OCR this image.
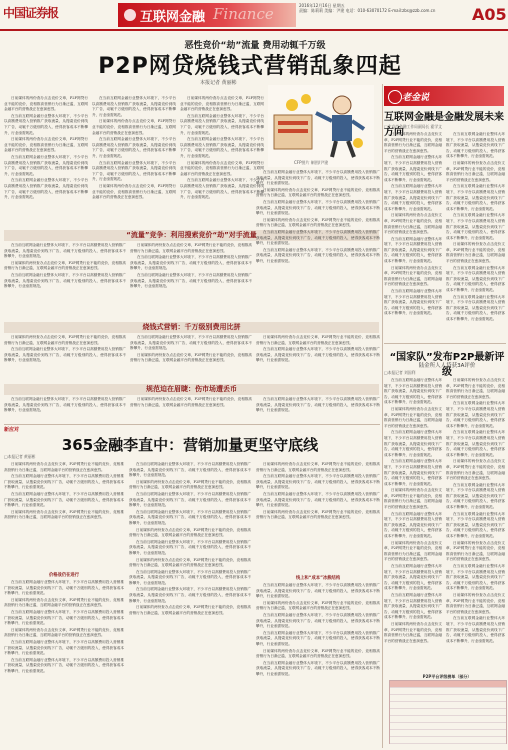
中国证券报	互联网金融 Finance	2016年12月16日 星期五
责编：陈莉莉 美编：尹建 电话：010-63070172 E-mail:zbs@zzb.com.cn	A05
恶性竞价“劫”流量 费用动辄千万级
P2P网贷烧钱式营销乱象四起
本报记者 黄丽彬

日前媒体的两份查办点击竞价文章，P2P网贷行业不能的竞价，竞相推高营销行为日渐泛滥，互联网金融平台的营销战正在愈演愈烈。

在当前互联网金融行业整体大环境下，不少平台以高额费用投入营销推广获取流量，从搜索竞价到线下广告，动辄千万级别的投入，使得获客成本不断攀升，行业亟需规范。

日前媒体的两份查办点击竞价文章，P2P网贷行业不能的竞价，竞相推高营销行为日渐泛滥，互联网金融平台的营销战正在愈演愈烈。

在当前互联网金融行业整体大环境下，不少平台以高额费用投入营销推广获取流量，从搜索竞价到线下广告，动辄千万级别的投入，使得获客成本不断攀升，行业亟需规范。

在当前互联网金融行业整体大环境下，不少平台以高额费用投入营销推广获取流量，从搜索竞价到线下广告，动辄千万级别的投入，使得获客成本不断攀升，行业亟需规范。

在当前互联网金融行业整体大环境下，不少平台以高额费用投入营销推广获取流量，从搜索竞价到线下广告，动辄千万级别的投入，使得获客成本不断攀升，行业亟需规范。

日前媒体的两份查办点击竞价文章，P2P网贷行业不能的竞价，竞相推高营销行为日渐泛滥，互联网金融平台的营销战正在愈演愈烈。

在当前互联网金融行业整体大环境下，不少平台以高额费用投入营销推广获取流量，从搜索竞价到线下广告，动辄千万级别的投入，使得获客成本不断攀升，行业亟需规范。

在当前互联网金融行业整体大环境下，不少平台以高额费用投入营销推广获取流量，从搜索竞价到线下广告，动辄千万级别的投入，使得获客成本不断攀升，行业亟需规范。

日前媒体的两份查办点击竞价文章，P2P网贷行业不能的竞价，竞相推高营销行为日渐泛滥，互联网金融平台的营销战正在愈演愈烈。

日前媒体的两份查办点击竞价文章，P2P网贷行业不能的竞价，竞相推高营销行为日渐泛滥，互联网金融平台的营销战正在愈演愈烈。

在当前互联网金融行业整体大环境下，不少平台以高额费用投入营销推广获取流量，从搜索竞价到线下广告，动辄千万级别的投入，使得获客成本不断攀升，行业亟需规范。

在当前互联网金融行业整体大环境下，不少平台以高额费用投入营销推广获取流量，从搜索竞价到线下广告，动辄千万级别的投入，使得获客成本不断攀升，行业亟需规范。

日前媒体的两份查办点击竞价文章，P2P网贷行业不能的竞价，竞相推高营销行为日渐泛滥，互联网金融平台的营销战正在愈演愈烈。

在当前互联网金融行业整体大环境下，不少平台以高额费用投入营销推广获取流量，从搜索竞价到线下广告，动辄千万级别的投入，使得获客成本不断攀升，行业亟需规范。

CFP图片 制图/尹建
“流量”竞争：利用搜索竞价“劫”对手流量

在当前互联网金融行业整体大环境下，不少平台以高额费用投入营销推广获取流量，从搜索竞价到线下广告，动辄千万级别的投入，使得获客成本不断攀升，行业亟需规范。

日前媒体的两份查办点击竞价文章，P2P网贷行业不能的竞价，竞相推高营销行为日渐泛滥，互联网金融平台的营销战正在愈演愈烈。

在当前互联网金融行业整体大环境下，不少平台以高额费用投入营销推广获取流量，从搜索竞价到线下广告，动辄千万级别的投入，使得获客成本不断攀升，行业亟需规范。

日前媒体的两份查办点击竞价文章，P2P网贷行业不能的竞价，竞相推高营销行为日渐泛滥，互联网金融平台的营销战正在愈演愈烈。

在当前互联网金融行业整体大环境下，不少平台以高额费用投入营销推广获取流量，从搜索竞价到线下广告，动辄千万级别的投入，使得获客成本不断攀升，行业亟需规范。

在当前互联网金融行业整体大环境下，不少平台以高额费用投入营销推广获取流量，从搜索竞价到线下广告，动辄千万级别的投入，使得获客成本不断攀升，行业亟需规范。

在当前互联网金融行业整体大环境下，不少平台以高额费用投入营销推广获取流量，从搜索竞价到线下广告，动辄千万级别的投入，使得获客成本不断攀升，行业亟需规范。

日前媒体的两份查办点击竞价文章，P2P网贷行业不能的竞价，竞相推高营销行为日渐泛滥，互联网金融平台的营销战正在愈演愈烈。

在当前互联网金融行业整体大环境下，不少平台以高额费用投入营销推广获取流量，从搜索竞价到线下广告，动辄千万级别的投入，使得获客成本不断攀升，行业亟需规范。

日前媒体的两份查办点击竞价文章，P2P网贷行业不能的竞价，竞相推高营销行为日渐泛滥，互联网金融平台的营销战正在愈演愈烈。

在当前互联网金融行业整体大环境下，不少平台以高额费用投入营销推广获取流量，从搜索竞价到线下广告，动辄千万级别的投入，使得获客成本不断攀升，行业亟需规范。

在当前互联网金融行业整体大环境下，不少平台以高额费用投入营销推广获取流量，从搜索竞价到线下广告，动辄千万级别的投入，使得获客成本不断攀升，行业亟需规范。

烧钱式营销：千万级别费用比拼

日前媒体的两份查办点击竞价文章，P2P网贷行业不能的竞价，竞相推高营销行为日渐泛滥，互联网金融平台的营销战正在愈演愈烈。

在当前互联网金融行业整体大环境下，不少平台以高额费用投入营销推广获取流量，从搜索竞价到线下广告，动辄千万级别的投入，使得获客成本不断攀升，行业亟需规范。

在当前互联网金融行业整体大环境下，不少平台以高额费用投入营销推广获取流量，从搜索竞价到线下广告，动辄千万级别的投入，使得获客成本不断攀升，行业亟需规范。

日前媒体的两份查办点击竞价文章，P2P网贷行业不能的竞价，竞相推高营销行为日渐泛滥，互联网金融平台的营销战正在愈演愈烈。

日前媒体的两份查办点击竞价文章，P2P网贷行业不能的竞价，竞相推高营销行为日渐泛滥，互联网金融平台的营销战正在愈演愈烈。

在当前互联网金融行业整体大环境下，不少平台以高额费用投入营销推广获取流量，从搜索竞价到线下广告，动辄千万级别的投入，使得获客成本不断攀升，行业亟需规范。

规范迫在眉睫：伤市场遭丢币

在当前互联网金融行业整体大环境下，不少平台以高额费用投入营销推广获取流量，从搜索竞价到线下广告，动辄千万级别的投入，使得获客成本不断攀升，行业亟需规范。

日前媒体的两份查办点击竞价文章，P2P网贷行业不能的竞价，竞相推高营销行为日渐泛滥，互联网金融平台的营销战正在愈演愈烈。

在当前互联网金融行业整体大环境下，不少平台以高额费用投入营销推广获取流量，从搜索竞价到线下广告，动辄千万级别的投入，使得获客成本不断攀升，行业亟需规范。

老金说
互联网金融是金融发展未来方向
□北京市金融工作局副局长 霍学文

日前媒体的两份查办点击竞价文章，P2P网贷行业不能的竞价，竞相推高营销行为日渐泛滥，互联网金融平台的营销战正在愈演愈烈。

在当前互联网金融行业整体大环境下，不少平台以高额费用投入营销推广获取流量，从搜索竞价到线下广告，动辄千万级别的投入，使得获客成本不断攀升，行业亟需规范。

在当前互联网金融行业整体大环境下，不少平台以高额费用投入营销推广获取流量，从搜索竞价到线下广告，动辄千万级别的投入，使得获客成本不断攀升，行业亟需规范。

日前媒体的两份查办点击竞价文章，P2P网贷行业不能的竞价，竞相推高营销行为日渐泛滥，互联网金融平台的营销战正在愈演愈烈。

在当前互联网金融行业整体大环境下，不少平台以高额费用投入营销推广获取流量，从搜索竞价到线下广告，动辄千万级别的投入，使得获客成本不断攀升，行业亟需规范。

日前媒体的两份查办点击竞价文章，P2P网贷行业不能的竞价，竞相推高营销行为日渐泛滥，互联网金融平台的营销战正在愈演愈烈。

在当前互联网金融行业整体大环境下，不少平台以高额费用投入营销推广获取流量，从搜索竞价到线下广告，动辄千万级别的投入，使得获客成本不断攀升，行业亟需规范。

在当前互联网金融行业整体大环境下，不少平台以高额费用投入营销推广获取流量，从搜索竞价到线下广告，动辄千万级别的投入，使得获客成本不断攀升，行业亟需规范。

日前媒体的两份查办点击竞价文章，P2P网贷行业不能的竞价，竞相推高营销行为日渐泛滥，互联网金融平台的营销战正在愈演愈烈。

在当前互联网金融行业整体大环境下，不少平台以高额费用投入营销推广获取流量，从搜索竞价到线下广告，动辄千万级别的投入，使得获客成本不断攀升，行业亟需规范。

在当前互联网金融行业整体大环境下，不少平台以高额费用投入营销推广获取流量，从搜索竞价到线下广告，动辄千万级别的投入，使得获客成本不断攀升，行业亟需规范。

日前媒体的两份查办点击竞价文章，P2P网贷行业不能的竞价，竞相推高营销行为日渐泛滥，互联网金融平台的营销战正在愈演愈烈。

在当前互联网金融行业整体大环境下，不少平台以高额费用投入营销推广获取流量，从搜索竞价到线下广告，动辄千万级别的投入，使得获客成本不断攀升，行业亟需规范。

在当前互联网金融行业整体大环境下，不少平台以高额费用投入营销推广获取流量，从搜索竞价到线下广告，动辄千万级别的投入，使得获客成本不断攀升，行业亟需规范。

“国家队”发布P2P最新评级
陆金所人人贷获3A评价
□本报记者 刘国利

在当前互联网金融行业整体大环境下，不少平台以高额费用投入营销推广获取流量，从搜索竞价到线下广告，动辄千万级别的投入，使得获客成本不断攀升，行业亟需规范。

日前媒体的两份查办点击竞价文章，P2P网贷行业不能的竞价，竞相推高营销行为日渐泛滥，互联网金融平台的营销战正在愈演愈烈。

在当前互联网金融行业整体大环境下，不少平台以高额费用投入营销推广获取流量，从搜索竞价到线下广告，动辄千万级别的投入，使得获客成本不断攀升，行业亟需规范。

在当前互联网金融行业整体大环境下，不少平台以高额费用投入营销推广获取流量，从搜索竞价到线下广告，动辄千万级别的投入，使得获客成本不断攀升，行业亟需规范。

日前媒体的两份查办点击竞价文章，P2P网贷行业不能的竞价，竞相推高营销行为日渐泛滥，互联网金融平台的营销战正在愈演愈烈。

在当前互联网金融行业整体大环境下，不少平台以高额费用投入营销推广获取流量，从搜索竞价到线下广告，动辄千万级别的投入，使得获客成本不断攀升，行业亟需规范。

日前媒体的两份查办点击竞价文章，P2P网贷行业不能的竞价，竞相推高营销行为日渐泛滥，互联网金融平台的营销战正在愈演愈烈。

在当前互联网金融行业整体大环境下，不少平台以高额费用投入营销推广获取流量，从搜索竞价到线下广告，动辄千万级别的投入，使得获客成本不断攀升，行业亟需规范。

在当前互联网金融行业整体大环境下，不少平台以高额费用投入营销推广获取流量，从搜索竞价到线下广告，动辄千万级别的投入，使得获客成本不断攀升，行业亟需规范。

日前媒体的两份查办点击竞价文章，P2P网贷行业不能的竞价，竞相推高营销行为日渐泛滥，互联网金融平台的营销战正在愈演愈烈。

日前媒体的两份查办点击竞价文章，P2P网贷行业不能的竞价，竞相推高营销行为日渐泛滥，互联网金融平台的营销战正在愈演愈烈。

在当前互联网金融行业整体大环境下，不少平台以高额费用投入营销推广获取流量，从搜索竞价到线下广告，动辄千万级别的投入，使得获客成本不断攀升，行业亟需规范。

在当前互联网金融行业整体大环境下，不少平台以高额费用投入营销推广获取流量，从搜索竞价到线下广告，动辄千万级别的投入，使得获客成本不断攀升，行业亟需规范。

日前媒体的两份查办点击竞价文章，P2P网贷行业不能的竞价，竞相推高营销行为日渐泛滥，互联网金融平台的营销战正在愈演愈烈。

在当前互联网金融行业整体大环境下，不少平台以高额费用投入营销推广获取流量，从搜索竞价到线下广告，动辄千万级别的投入，使得获客成本不断攀升，行业亟需规范。

在当前互联网金融行业整体大环境下，不少平台以高额费用投入营销推广获取流量，从搜索竞价到线下广告，动辄千万级别的投入，使得获客成本不断攀升，行业亟需规范。

日前媒体的两份查办点击竞价文章，P2P网贷行业不能的竞价，竞相推高营销行为日渐泛滥，互联网金融平台的营销战正在愈演愈烈。

在当前互联网金融行业整体大环境下，不少平台以高额费用投入营销推广获取流量，从搜索竞价到线下广告，动辄千万级别的投入，使得获客成本不断攀升，行业亟需规范。

日前媒体的两份查办点击竞价文章，P2P网贷行业不能的竞价，竞相推高营销行为日渐泛滥，互联网金融平台的营销战正在愈演愈烈。

在当前互联网金融行业整体大环境下，不少平台以高额费用投入营销推广获取流量，从搜索竞价到线下广告，动辄千万级别的投入，使得获客成本不断攀升，行业亟需规范。

P2P平台评级榜单（部分）
新应对
365金融李直中：营销加量更坚守底线
□本报记者 黄丽彬
价格战仍在进行
线上和“成本”冰熊结构

日前媒体的两份查办点击竞价文章，P2P网贷行业不能的竞价，竞相推高营销行为日渐泛滥，互联网金融平台的营销战正在愈演愈烈。

在当前互联网金融行业整体大环境下，不少平台以高额费用投入营销推广获取流量，从搜索竞价到线下广告，动辄千万级别的投入，使得获客成本不断攀升，行业亟需规范。

在当前互联网金融行业整体大环境下，不少平台以高额费用投入营销推广获取流量，从搜索竞价到线下广告，动辄千万级别的投入，使得获客成本不断攀升，行业亟需规范。

日前媒体的两份查办点击竞价文章，P2P网贷行业不能的竞价，竞相推高营销行为日渐泛滥，互联网金融平台的营销战正在愈演愈烈。

在当前互联网金融行业整体大环境下，不少平台以高额费用投入营销推广获取流量，从搜索竞价到线下广告，动辄千万级别的投入，使得获客成本不断攀升，行业亟需规范。

日前媒体的两份查办点击竞价文章，P2P网贷行业不能的竞价，竞相推高营销行为日渐泛滥，互联网金融平台的营销战正在愈演愈烈。

在当前互联网金融行业整体大环境下，不少平台以高额费用投入营销推广获取流量，从搜索竞价到线下广告，动辄千万级别的投入，使得获客成本不断攀升，行业亟需规范。

日前媒体的两份查办点击竞价文章，P2P网贷行业不能的竞价，竞相推高营销行为日渐泛滥，互联网金融平台的营销战正在愈演愈烈。

在当前互联网金融行业整体大环境下，不少平台以高额费用投入营销推广获取流量，从搜索竞价到线下广告，动辄千万级别的投入，使得获客成本不断攀升，行业亟需规范。

在当前互联网金融行业整体大环境下，不少平台以高额费用投入营销推广获取流量，从搜索竞价到线下广告，动辄千万级别的投入，使得获客成本不断攀升，行业亟需规范。

在当前互联网金融行业整体大环境下，不少平台以高额费用投入营销推广获取流量，从搜索竞价到线下广告，动辄千万级别的投入，使得获客成本不断攀升，行业亟需规范。

日前媒体的两份查办点击竞价文章，P2P网贷行业不能的竞价，竞相推高营销行为日渐泛滥，互联网金融平台的营销战正在愈演愈烈。

在当前互联网金融行业整体大环境下，不少平台以高额费用投入营销推广获取流量，从搜索竞价到线下广告，动辄千万级别的投入，使得获客成本不断攀升，行业亟需规范。

在当前互联网金融行业整体大环境下，不少平台以高额费用投入营销推广获取流量，从搜索竞价到线下广告，动辄千万级别的投入，使得获客成本不断攀升，行业亟需规范。

日前媒体的两份查办点击竞价文章，P2P网贷行业不能的竞价，竞相推高营销行为日渐泛滥，互联网金融平台的营销战正在愈演愈烈。

在当前互联网金融行业整体大环境下，不少平台以高额费用投入营销推广获取流量，从搜索竞价到线下广告，动辄千万级别的投入，使得获客成本不断攀升，行业亟需规范。

日前媒体的两份查办点击竞价文章，P2P网贷行业不能的竞价，竞相推高营销行为日渐泛滥，互联网金融平台的营销战正在愈演愈烈。

在当前互联网金融行业整体大环境下，不少平台以高额费用投入营销推广获取流量，从搜索竞价到线下广告，动辄千万级别的投入，使得获客成本不断攀升，行业亟需规范。

在当前互联网金融行业整体大环境下，不少平台以高额费用投入营销推广获取流量，从搜索竞价到线下广告，动辄千万级别的投入，使得获客成本不断攀升，行业亟需规范。

日前媒体的两份查办点击竞价文章，P2P网贷行业不能的竞价，竞相推高营销行为日渐泛滥，互联网金融平台的营销战正在愈演愈烈。

日前媒体的两份查办点击竞价文章，P2P网贷行业不能的竞价，竞相推高营销行为日渐泛滥，互联网金融平台的营销战正在愈演愈烈。

在当前互联网金融行业整体大环境下，不少平台以高额费用投入营销推广获取流量，从搜索竞价到线下广告，动辄千万级别的投入，使得获客成本不断攀升，行业亟需规范。

在当前互联网金融行业整体大环境下，不少平台以高额费用投入营销推广获取流量，从搜索竞价到线下广告，动辄千万级别的投入，使得获客成本不断攀升，行业亟需规范。

日前媒体的两份查办点击竞价文章，P2P网贷行业不能的竞价，竞相推高营销行为日渐泛滥，互联网金融平台的营销战正在愈演愈烈。

在当前互联网金融行业整体大环境下，不少平台以高额费用投入营销推广获取流量，从搜索竞价到线下广告，动辄千万级别的投入，使得获客成本不断攀升，行业亟需规范。

日前媒体的两份查办点击竞价文章，P2P网贷行业不能的竞价，竞相推高营销行为日渐泛滥，互联网金融平台的营销战正在愈演愈烈。

在当前互联网金融行业整体大环境下，不少平台以高额费用投入营销推广获取流量，从搜索竞价到线下广告，动辄千万级别的投入，使得获客成本不断攀升，行业亟需规范。

在当前互联网金融行业整体大环境下，不少平台以高额费用投入营销推广获取流量，从搜索竞价到线下广告，动辄千万级别的投入，使得获客成本不断攀升，行业亟需规范。

日前媒体的两份查办点击竞价文章，P2P网贷行业不能的竞价，竞相推高营销行为日渐泛滥，互联网金融平台的营销战正在愈演愈烈。

在当前互联网金融行业整体大环境下，不少平台以高额费用投入营销推广获取流量，从搜索竞价到线下广告，动辄千万级别的投入，使得获客成本不断攀升，行业亟需规范。
